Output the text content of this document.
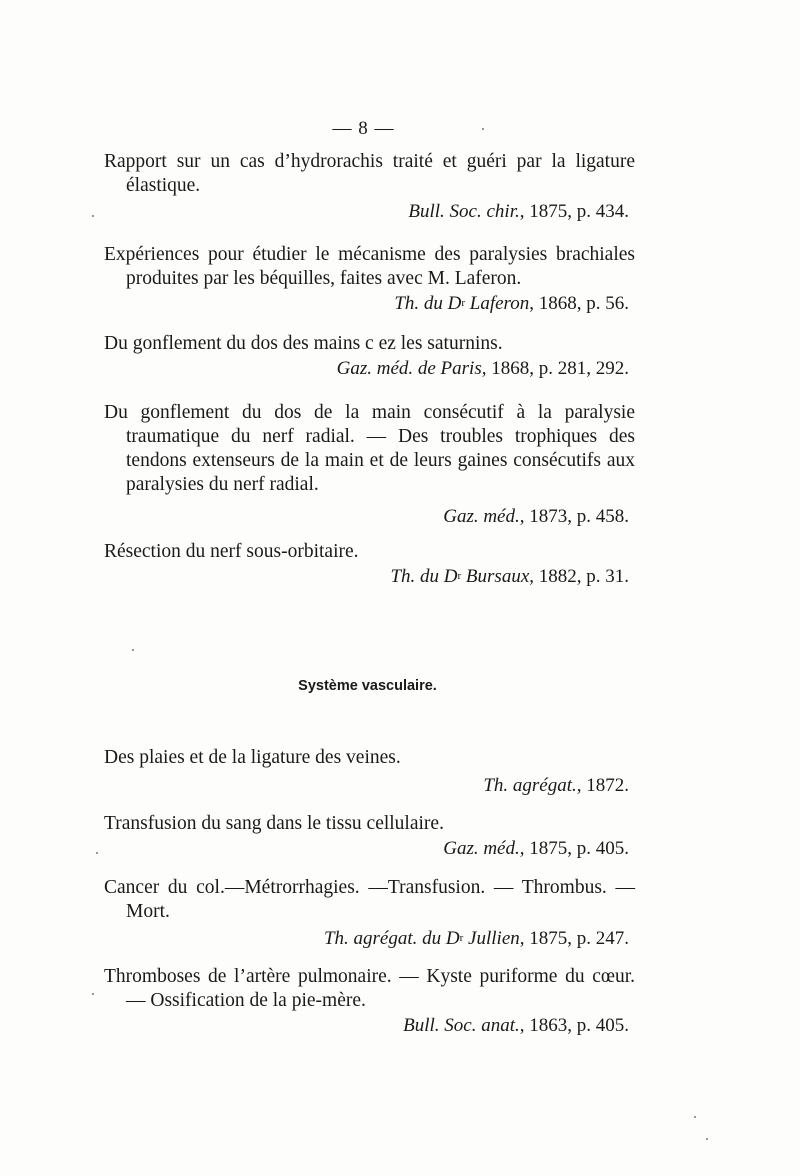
— 8 —
Rapport sur un cas d’hydrorachis traité et guéri par la ligature élastique.
Bull. Soc. chir., 1875, p. 434.
Expériences pour étudier le mécanisme des paralysies brachiales produites par les béquilles, faites avec M. Laferon.
Th. du $D^r$ Laferon, 1868, p. 56.
Du gonflement du dos des mains c ez les saturnins.
Gaz. méd. de Paris, 1868, p. 281, 292.
Du gonflement du dos de la main consécutif à la paralysie traumatique du nerf radial. — Des troubles trophiques des tendons extenseurs de la main et de leurs gaines consécutifs aux paralysies du nerf radial.
Gaz. méd., 1873, p. 458.
Résection du nerf sous-orbitaire.
Th. du $D^r$ Bursaux, 1882, p. 31.
Système vasculaire.
Des plaies et de la ligature des veines.
Th. agrégat., 1872.
Transfusion du sang dans le tissu cellulaire.
Gaz. méd., 1875, p. 405.
Cancer du col.—Métrorrhagies. —Transfusion. — Thrombus. — Mort.
Th. agrégat. du $D^r$ Jullien, 1875, p. 247.
Thromboses de l’artère pulmonaire. — Kyste puriforme du cœur. — Ossification de la pie-mère.
Bull. Soc. anat., 1863, p. 405.
